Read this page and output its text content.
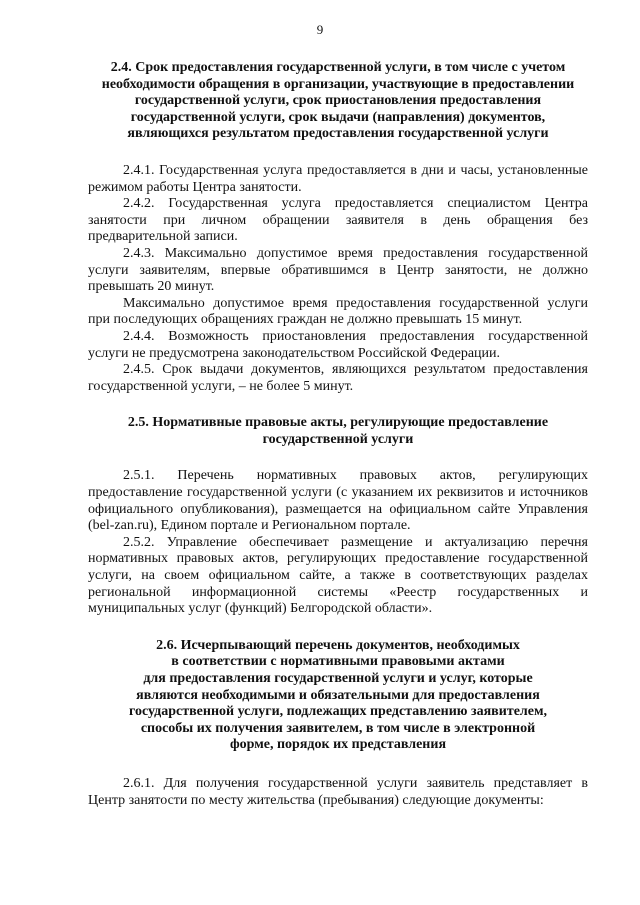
9
2.4. Срок предоставления государственной услуги, в том числе с учетом
необходимости обращения в организации, участвующие в предоставлении
государственной услуги, срок приостановления предоставления
государственной услуги, срок выдачи (направления) документов,
являющихся результатом предоставления государственной услуги

2.4.1. Государственная услуга предоставляется в дни и часы, установленные режимом работы Центра занятости.

2.4.2. Государственная услуга предоставляется специалистом Центра занятости при личном обращении заявителя в день обращения без предварительной записи.

2.4.3. Максимально допустимое время предоставления государственной услуги заявителям, впервые обратившимся в Центр занятости, не должно превышать 20 минут.

Максимально допустимое время предоставления государственной услуги при последующих обращениях граждан не должно превышать 15 минут.

2.4.4. Возможность приостановления предоставления государственной услуги не предусмотрена законодательством Российской Федерации.

2.4.5. Срок выдачи документов, являющихся результатом предоставления государственной услуги, – не более 5 минут.

2.5. Нормативные правовые акты, регулирующие предоставление
государственной услуги

2.5.1. Перечень нормативных правовых актов, регулирующих предоставление государственной услуги (с указанием их реквизитов и источников официального опубликования), размещается на официальном сайте Управления (bel-zan.ru), Едином портале и Региональном портале.

2.5.2. Управление обеспечивает размещение и актуализацию перечня нормативных правовых актов, регулирующих предоставление государственной услуги, на своем официальном сайте, а также в соответствующих разделах региональной информационной системы «Реестр государственных и муниципальных услуг (функций) Белгородской области».

2.6. Исчерпывающий перечень документов, необходимых
в соответствии с нормативными правовыми актами
для предоставления государственной услуги и услуг, которые
являются необходимыми и обязательными для предоставления
государственной услуги, подлежащих представлению заявителем,
способы их получения заявителем, в том числе в электронной
форме, порядок их представления

2.6.1. Для получения государственной услуги заявитель представляет в Центр занятости по месту жительства (пребывания) следующие документы:
